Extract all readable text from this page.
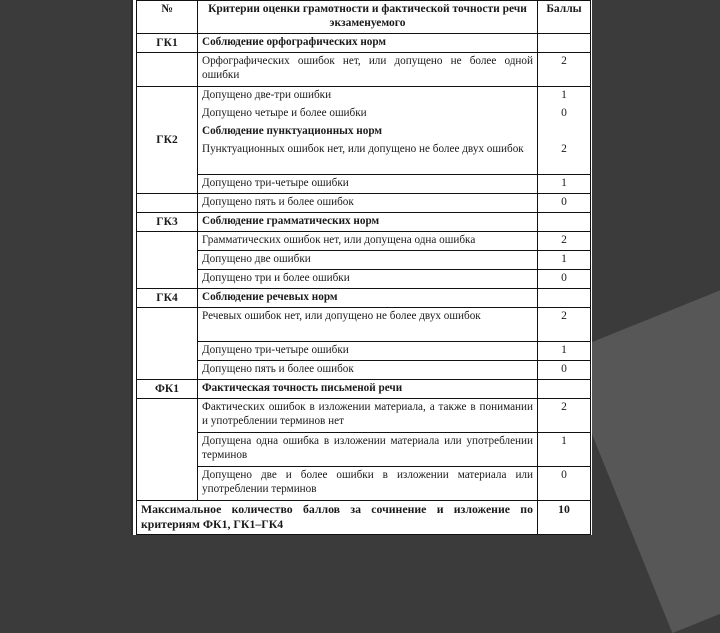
№	Критерии оценки грамотности и фактической точности речи экзаменуемого	Баллы
ГК1	Соблюдение орфографических норм	
	Орфографических ошибок нет, или допущено не более одной ошибки	2
ГК2	Допущено две-три ошибки	1
	Допущено четыре и более ошибки	0
	Соблюдение пунктуационных норм	
	Пунктуационных ошибок нет, или допущено не более двух ошибок	2
	Допущено три-четыре ошибки	1
	Допущено пять и более ошибок	0
ГК3	Соблюдение грамматических норм	
	Грамматических ошибок нет, или допущена одна ошибка	2
	Допущено две ошибки	1
	Допущено три и более ошибки	0
ГК4	Соблюдение речевых норм	
	Речевых ошибок нет, или допущено не более двух ошибок	2
	Допущено три-четыре ошибки	1
	Допущено пять и более ошибок	0
ФК1	Фактическая точность письменой речи	
	Фактических ошибок в изложении материала, а также в понимании и употреблении терминов нет	2
	Допущена одна ошибка в изложении материала или употреблении терминов	1
	Допущено две и более ошибки в изложении материала или употреблении терминов	0
Максимальное количество баллов за сочинение и изложение по критериям ФК1, ГК1–ГК4		10
